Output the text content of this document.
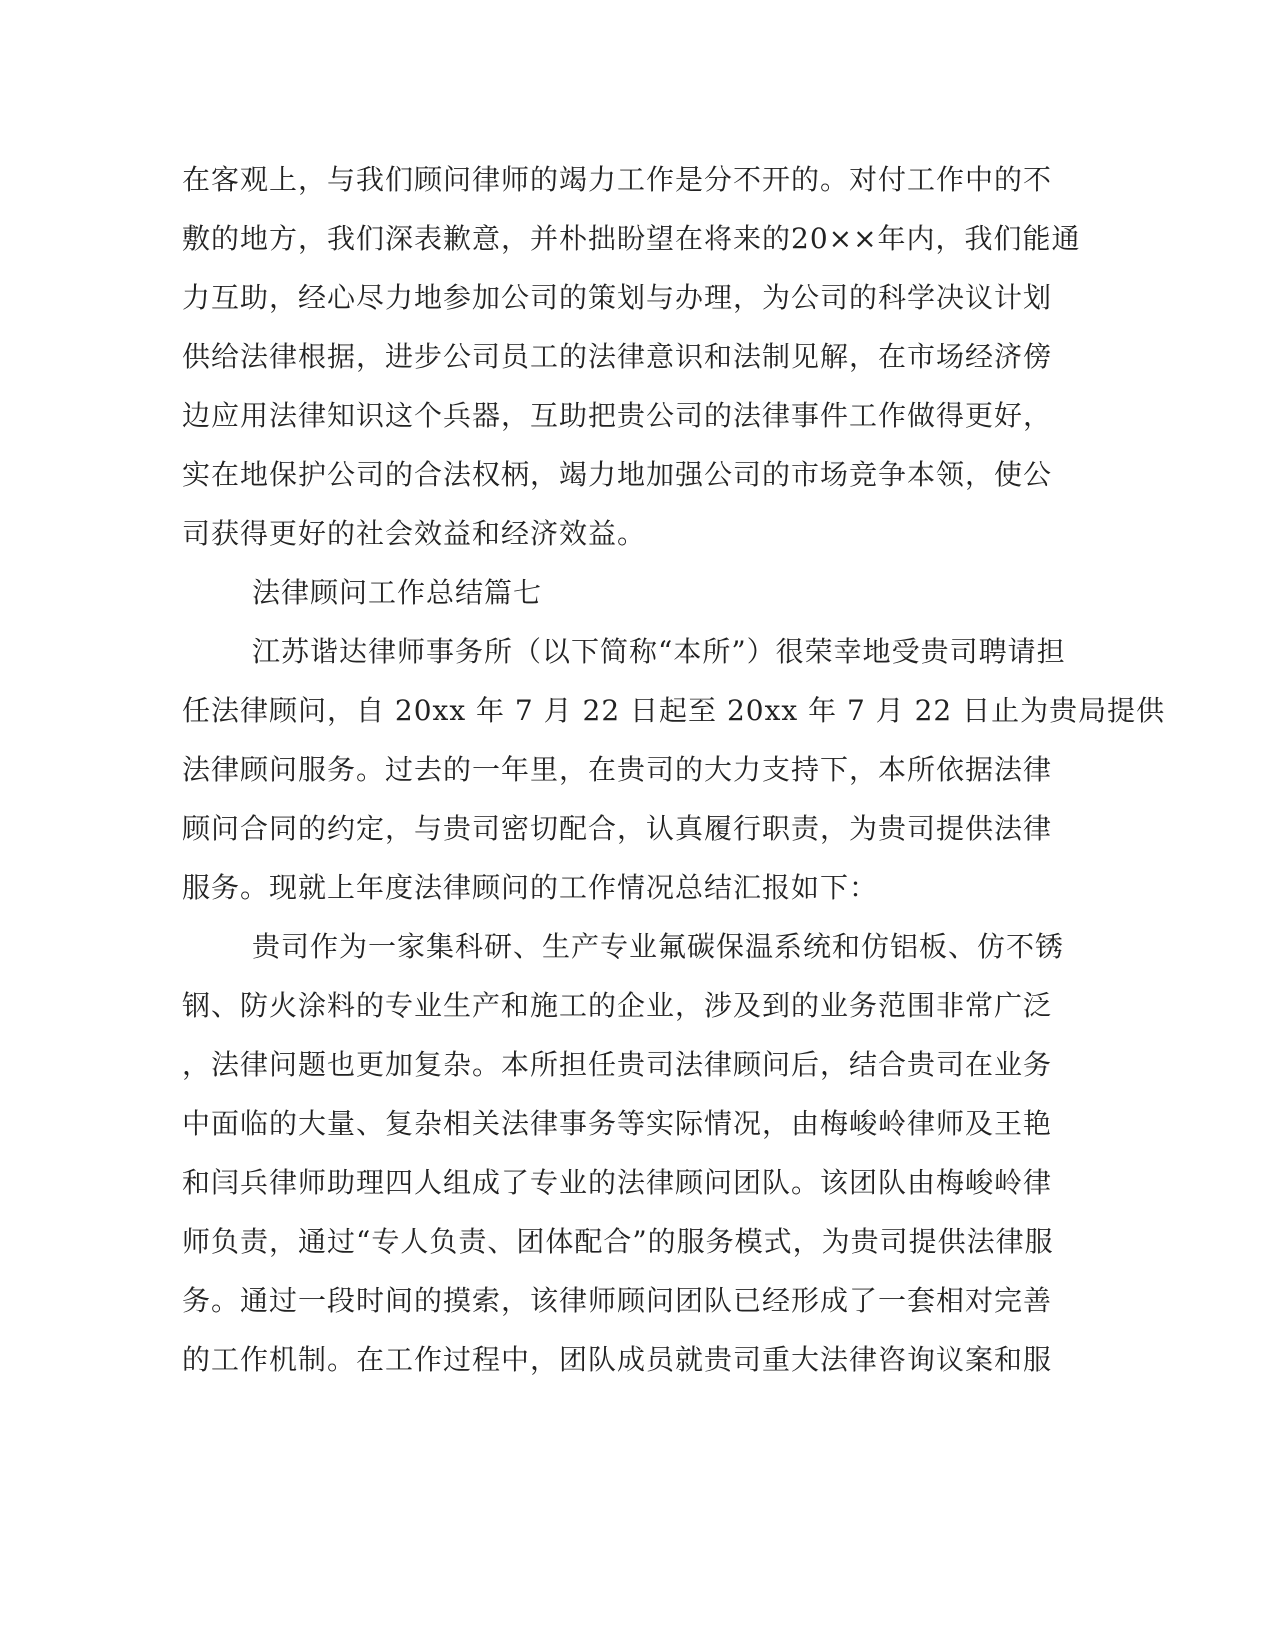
在客观上，与我们顾问律师的竭力工作是分不开的。对付工作中的不
敷的地方，我们深表歉意，并朴拙盼望在将来的20××年内，我们能通
力互助，经心尽力地参加公司的策划与办理，为公司的科学决议计划
供给法律根据，进步公司员工的法律意识和法制见解，在市场经济傍
边应用法律知识这个兵器，互助把贵公司的法律事件工作做得更好，
实在地保护公司的合法权柄，竭力地加强公司的市场竞争本领，使公
司获得更好的社会效益和经济效益。
法律顾问工作总结篇七
江苏谐达律师事务所（以下简称“本所”）很荣幸地受贵司聘请担
任法律顾问，自 20xx 年 7 月 22 日起至 20xx 年 7 月 22 日止为贵局提供
法律顾问服务。过去的一年里，在贵司的大力支持下，本所依据法律
顾问合同的约定，与贵司密切配合，认真履行职责，为贵司提供法律
服务。现就上年度法律顾问的工作情况总结汇报如下：
贵司作为一家集科研、生产专业氟碳保温系统和仿铝板、仿不锈
钢、防火涂料的专业生产和施工的企业，涉及到的业务范围非常广泛
，法律问题也更加复杂。本所担任贵司法律顾问后，结合贵司在业务
中面临的大量、复杂相关法律事务等实际情况，由梅峻岭律师及王艳
和闫兵律师助理四人组成了专业的法律顾问团队。该团队由梅峻岭律
师负责，通过“专人负责、团体配合”的服务模式，为贵司提供法律服
务。通过一段时间的摸索，该律师顾问团队已经形成了一套相对完善
的工作机制。在工作过程中，团队成员就贵司重大法律咨询议案和服
